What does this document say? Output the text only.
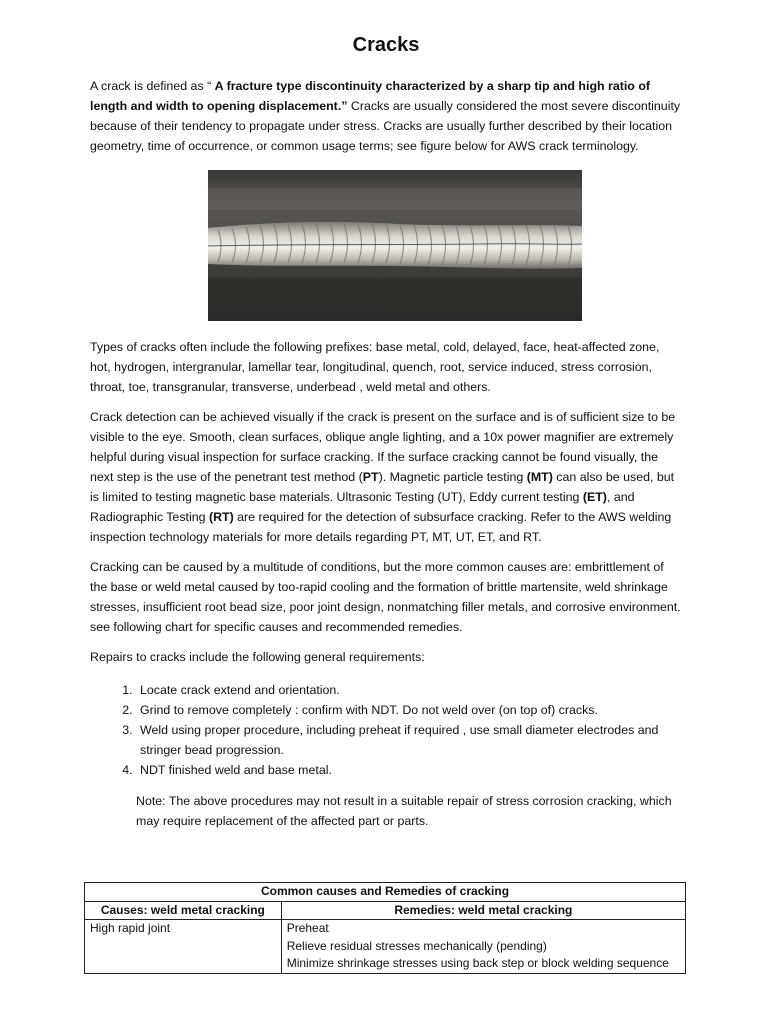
Cracks

A crack is defined as “ A fracture type discontinuity characterized by a sharp tip and high ratio of length and width to opening displacement.” Cracks are usually considered the most severe discontinuity because of their tendency to propagate under stress. Cracks are usually further described by their location geometry, time of occurrence, or common usage terms; see figure below for AWS crack terminology.

Types of cracks often include the following prefixes: base metal, cold, delayed, face, heat-affected zone, hot, hydrogen, intergranular, lamellar tear, longitudinal, quench, root, service induced, stress corrosion, throat, toe, transgranular, transverse, underbead , weld metal and others.

Crack detection can be achieved visually if the crack is present on the surface and is of sufficient size to be visible to the eye. Smooth, clean surfaces, oblique angle lighting, and a 10x power magnifier are extremely helpful during visual inspection for surface cracking. If the surface cracking cannot be found visually, the next step is the use of the penetrant test method (PT). Magnetic particle testing (MT) can also be used, but is limited to testing magnetic base materials. Ultrasonic Testing (UT), Eddy current testing (ET), and Radiographic Testing (RT) are required for the detection of subsurface cracking. Refer to the AWS welding inspection technology materials for more details regarding PT, MT, UT, ET, and RT.

Cracking can be caused by a multitude of conditions, but the more common causes are: embrittlement of the base or weld metal caused by too-rapid cooling and the formation of brittle martensite, weld shrinkage stresses, insufficient root bead size, poor joint design, nonmatching filler metals, and corrosive environment. see following chart for specific causes and recommended remedies.

Repairs to cracks include the following general requirements:

1. Locate crack extend and orientation.
2. Grind to remove completely : confirm with NDT. Do not weld over (on top of) cracks.
3. Weld using proper procedure, including preheat if required , use small diameter electrodes and stringer bead progression.
4. NDT finished weld and base metal.

Note: The above procedures may not result in a suitable repair of stress corrosion cracking, which may require replacement of the affected part or parts.

Common causes and Remedies of cracking	
Causes: weld metal cracking	Remedies: weld metal cracking
High rapid joint	Preheat
Relieve residual stresses mechanically (pending)
Minimize shrinkage stresses using back step or block welding sequence
